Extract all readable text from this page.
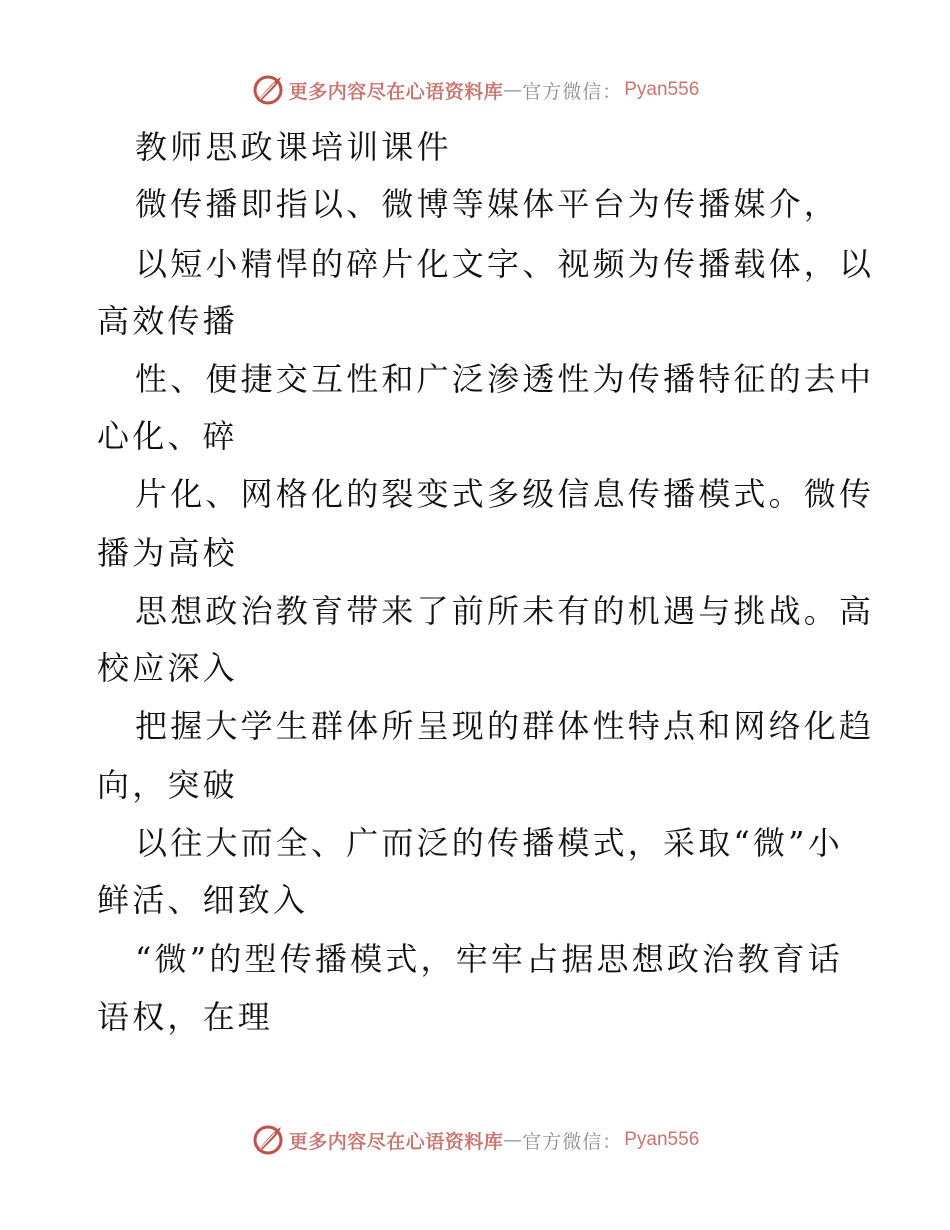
更多内容尽在心语资料库 — 官方微信： Pyan556
教师思政课培训课件
微传播即指以、微博等媒体平台为传播媒介，
以短小精悍的碎片化文字、视频为传播载体，以
高效传播
性、便捷交互性和广泛渗透性为传播特征的去中
心化、碎
片化、网格化的裂变式多级信息传播模式。微传
播为高校
思想政治教育带来了前所未有的机遇与挑战。高
校应深入
把握大学生群体所呈现的群体性特点和网络化趋
向，突破
以往大而全、广而泛的传播模式，采取“微”小
鲜活、细致入
“微”的型传播模式，牢牢占据思想政治教育话
语权，在理
更多内容尽在心语资料库 — 官方微信： Pyan556
